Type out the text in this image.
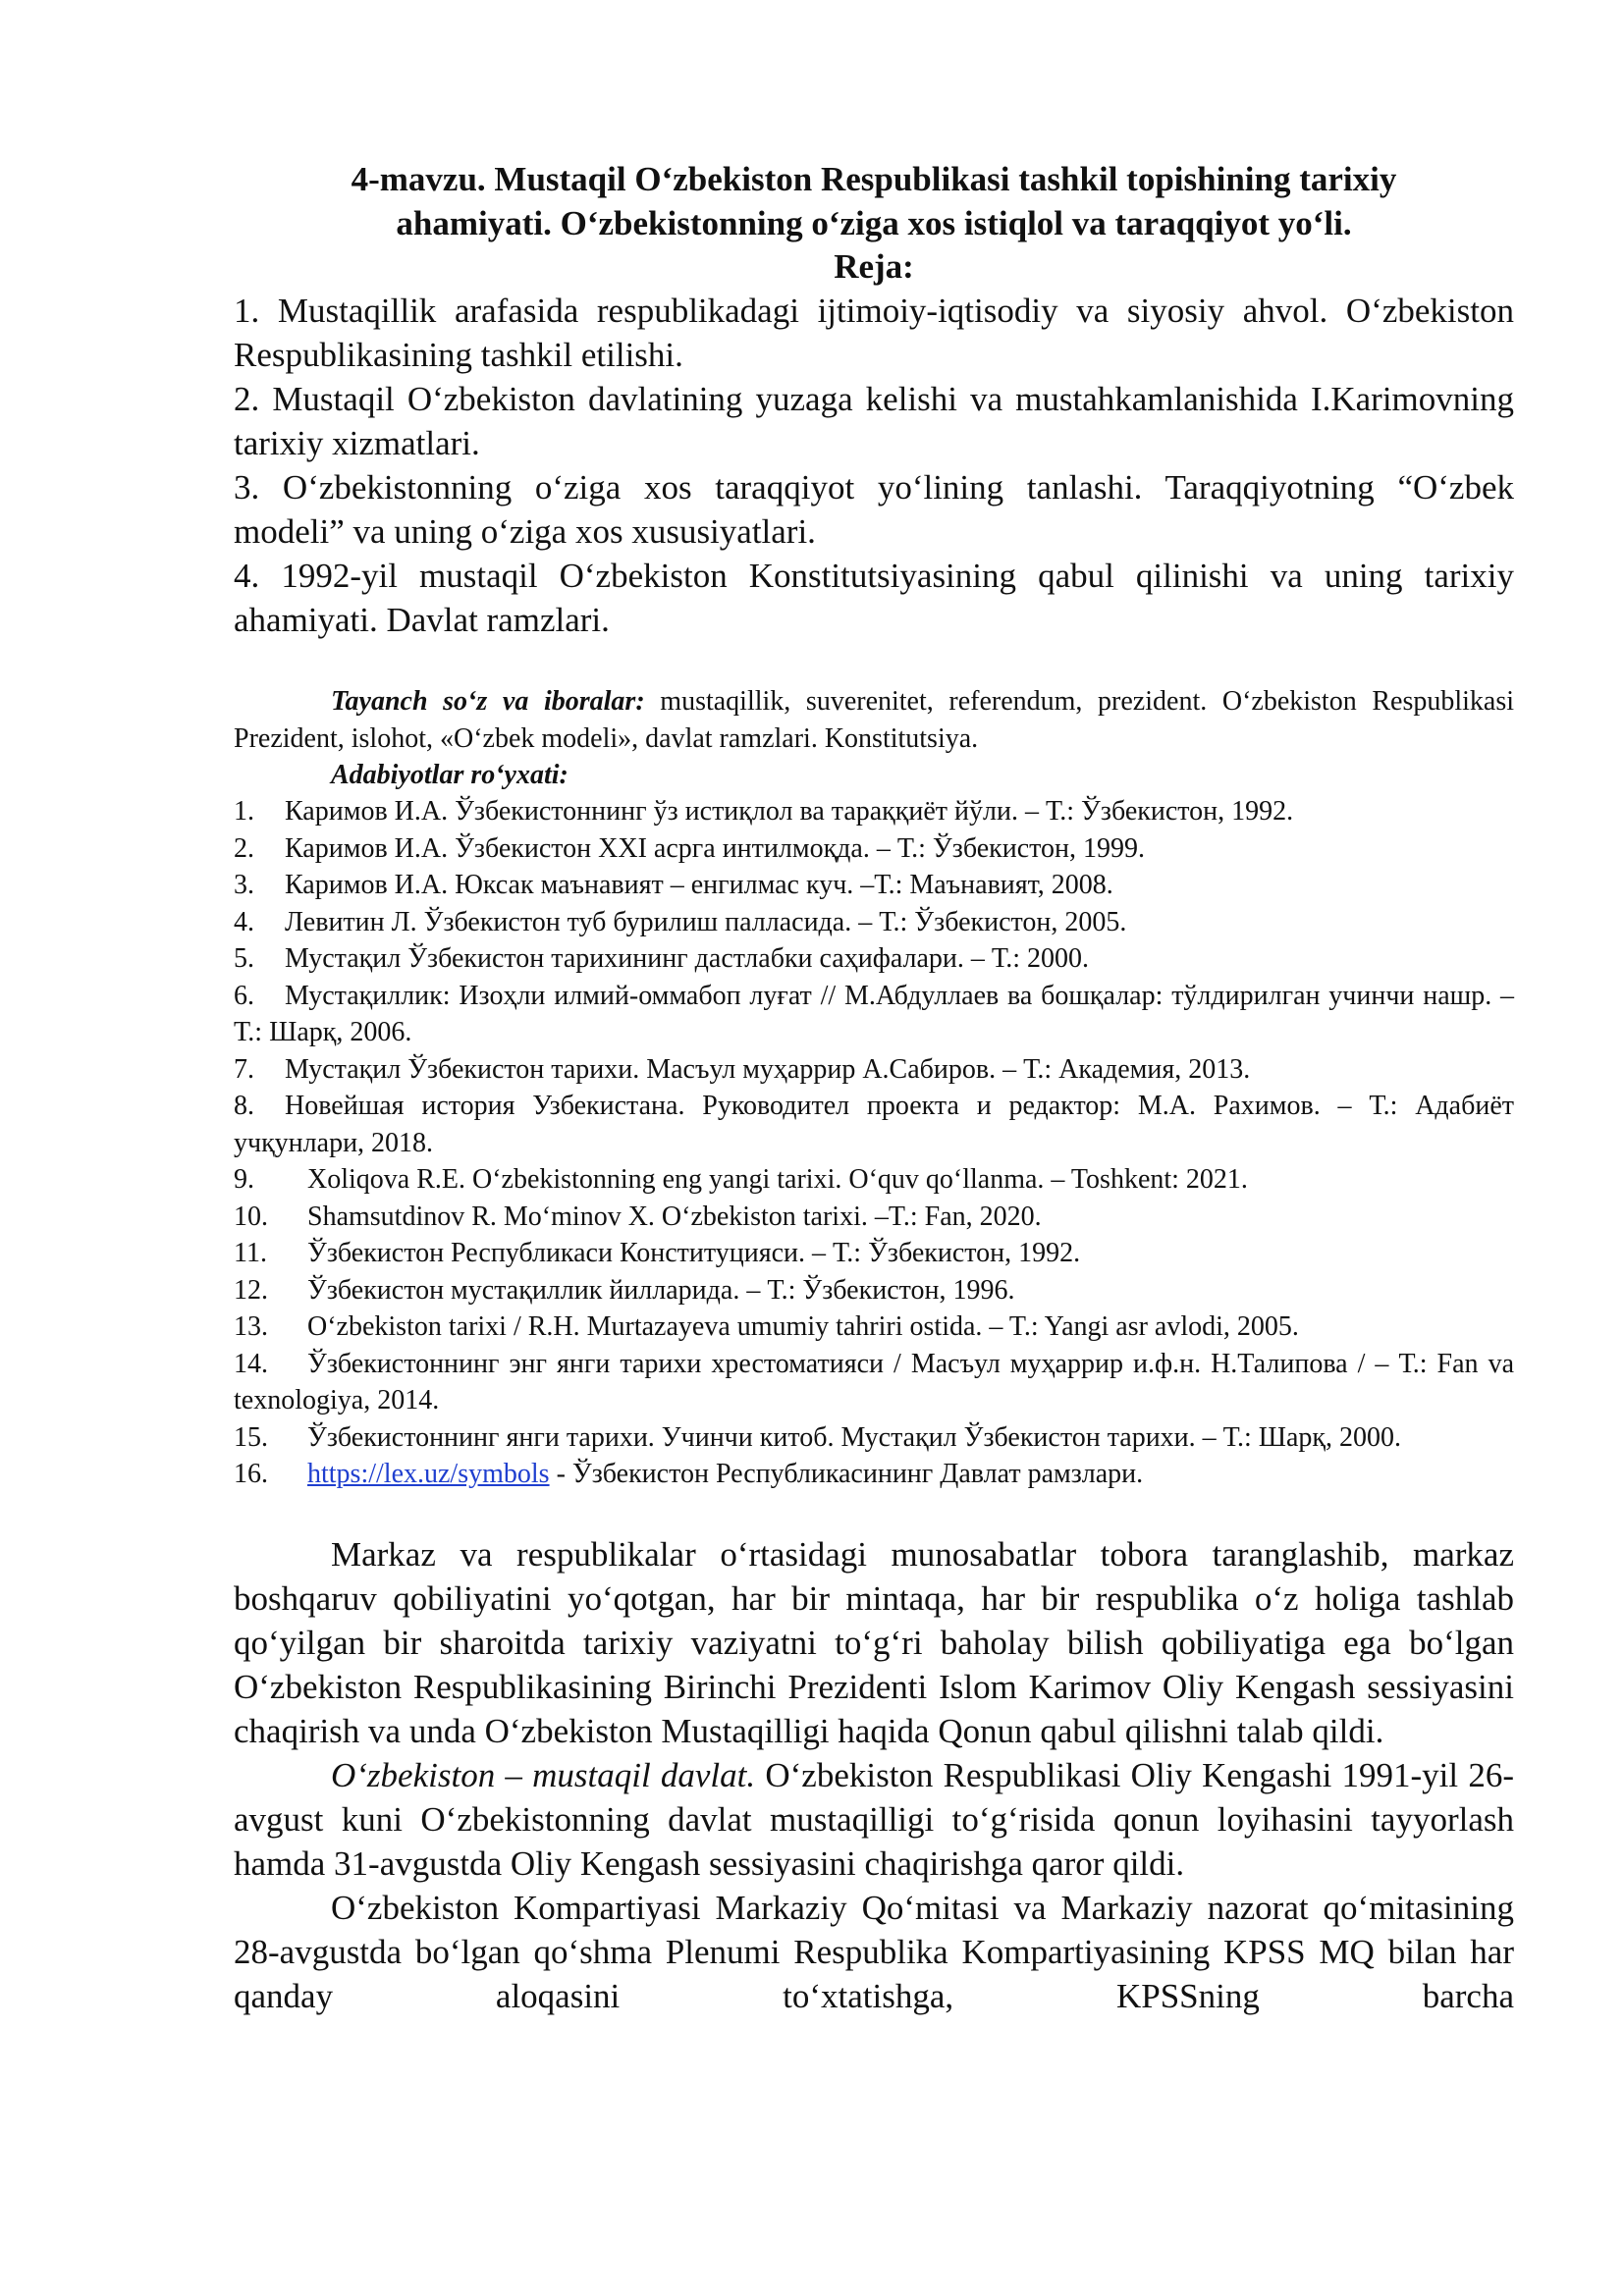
4-mavzu. Mustaqil O‘zbekiston Respublikasi tashkil topishining tarixiy
ahamiyati. O‘zbekistonning o‘ziga xos istiqlol va taraqqiyot yo‘li.
Reja:
1. Mustaqillik arafasida respublikadagi ijtimoiy-iqtisodiy va siyosiy ahvol. O‘zbekiston Respublikasining tashkil etilishi.
2. Mustaqil O‘zbekiston davlatining yuzaga kelishi va mustahkamlanishida I.Karimovning tarixiy xizmatlari.
3. O‘zbekistonning o‘ziga xos taraqqiyot yo‘lining tanlashi. Taraqqiyotning “O‘zbek modeli” va uning o‘ziga xos xususiyatlari.
4. 1992-yil mustaqil O‘zbekiston Konstitutsiyasining qabul qilinishi va uning tarixiy ahamiyati. Davlat ramzlari.
Tayanch so‘z va iboralar: mustaqillik, suverenitet, referendum, prezident. O‘zbekiston Respublikasi Prezident, islohot, «O‘zbek modeli», davlat ramzlari. Konstitutsiya.
Adabiyotlar ro‘yxati:
1. Каримов И.А. Ўзбекистоннинг ўз истиқлол ва тараққиёт йўли. – Т.: Ўзбекистон, 1992.
2. Каримов И.А. Ўзбекистон XXI асрга интилмоқда. – Т.: Ўзбекистон, 1999.
3. Каримов И.А. Юксак маънавият – енгилмас куч. –Т.: Маънавият, 2008.
4. Левитин Л. Ўзбекистон туб бурилиш палласида. – Т.: Ўзбекистон, 2005.
5. Мустақил Ўзбекистон тарихининг дастлабки саҳифалари. – Т.: 2000.
6. Мустақиллик: Изоҳли илмий-оммабоп луғат // М.Абдуллаев ва бошқалар: тўлдирилган учинчи нашр. – Т.: Шарқ, 2006.
7. Мустақил Ўзбекистон тарихи. Масъул муҳаррир А.Сабиров. – Т.: Академия, 2013.
8. Новейшая история Узбекистана. Руководител проекта и редактор: М.А. Рахимов. – Т.: Адабиёт учқунлари, 2018.
9. Xoliqova R.E. O‘zbekistonning eng yangi tarixi. O‘quv qo‘llanma. – Toshkent: 2021.
10. Shamsutdinov R. Mo‘minov X. O‘zbekiston tarixi. –T.: Fan, 2020.
11. Ўзбекистон Республикаси Конституцияси. – Т.: Ўзбекистон, 1992.
12. Ўзбекистон мустақиллик йилларида. – Т.: Ўзбекистон, 1996.
13. O‘zbekiston tarixi / R.H. Murtazayeva umumiy tahriri ostida. – T.: Yangi asr avlodi, 2005.
14. Ўзбекистоннинг энг янги тарихи хрестоматияси / Масъул муҳаррир и.ф.н. Н.Талипова / – Т.: Fan va texnologiya, 2014.
15. Ўзбекистоннинг янги тарихи. Учинчи китоб. Мустақил Ўзбекистон тарихи. – Т.: Шарқ, 2000.
16. https://lex.uz/symbols - Ўзбекистон Республикасининг Давлат рамзлари.

Markaz va respublikalar o‘rtasidagi munosabatlar tobora taranglashib, markaz boshqaruv qobiliyatini yo‘qotgan, har bir mintaqa, har bir respublika o‘z holiga tashlab qo‘yilgan bir sharoitda tarixiy vaziyatni to‘g‘ri baholay bilish qobiliyatiga ega bo‘lgan O‘zbekiston Respublikasining Birinchi Prezidenti Islom Karimov Oliy Kengash sessiyasini chaqirish va unda O‘zbekiston Mustaqilligi haqida Qonun qabul qilishni talab qildi.

O‘zbekiston – mustaqil davlat. O‘zbekiston Respublikasi Oliy Kengashi 1991-yil 26-avgust kuni O‘zbekistonning davlat mustaqilligi to‘g‘risida qonun loyihasini tayyorlash hamda 31-avgustda Oliy Kengash sessiyasini chaqirishga qaror qildi.

O‘zbekiston Kompartiyasi Markaziy Qo‘mitasi va Markaziy nazorat qo‘mitasining 28-avgustda bo‘lgan qo‘shma Plenumi Respublika Kompartiyasining KPSS MQ bilan har qanday aloqasini to‘xtatishga, KPSSning barcha
